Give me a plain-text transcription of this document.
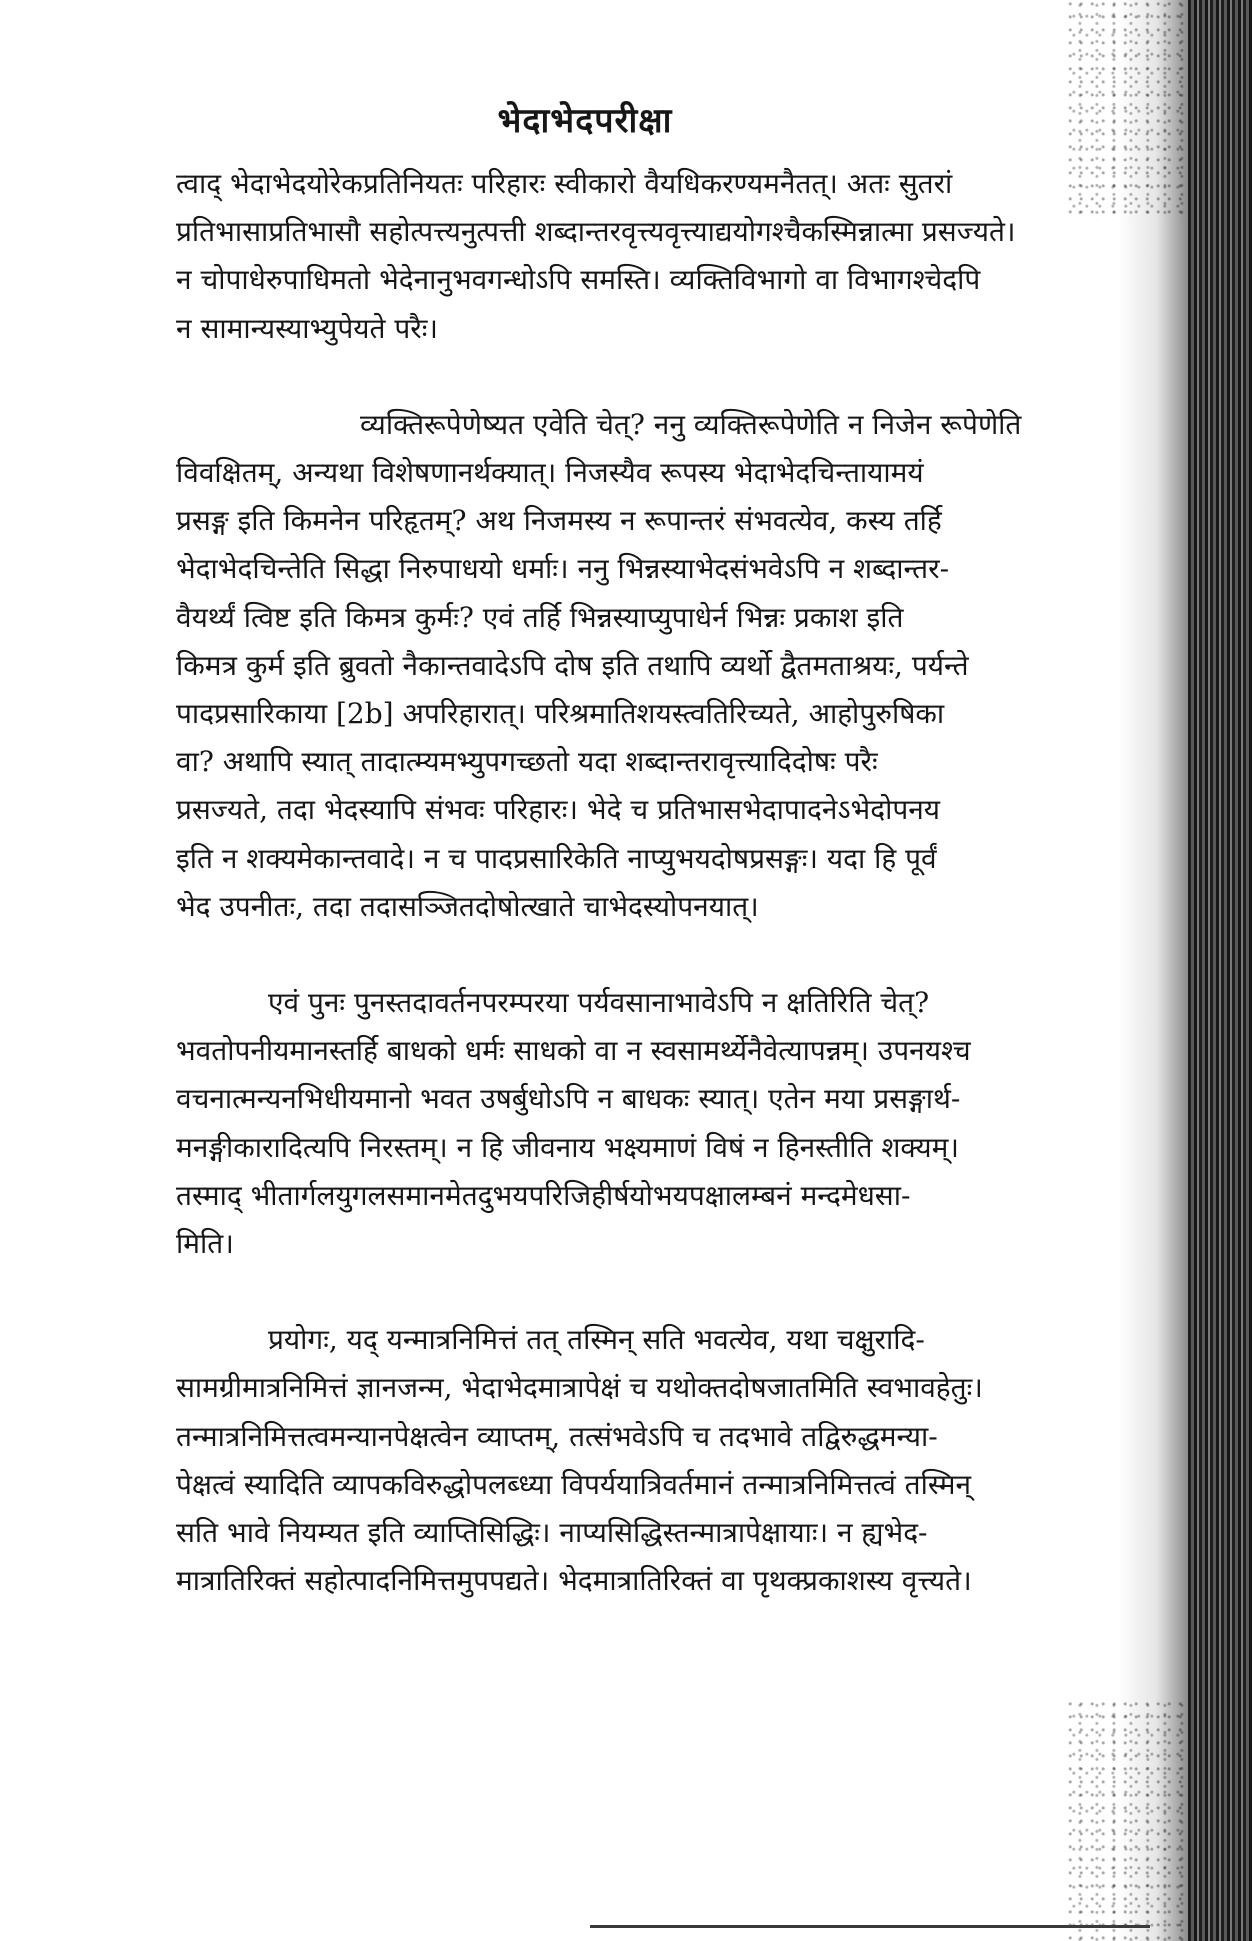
भेदाभेदपरीक्षा

त्वाद् भेदाभेदयोरेकप्रतिनियतः परिहारः स्वीकारो वैयधिकरण्यमनैतत्। अतः सुतरां
प्रतिभासाप्रतिभासौ सहोत्पत्त्यनुत्पत्ती शब्दान्तरवृत्त्यवृत्त्याद्ययोगश्चैकस्मिन्नात्मा प्रसज्यते।
न चोपाधेरुपाधिमतो भेदेनानुभवगन्धोऽपि समस्ति। व्यक्तिविभागो वा विभागश्चेदपि
न सामान्यस्याभ्युपेयते परैः।

व्यक्तिरूपेणेष्यत एवेति चेत्? ननु व्यक्तिरूपेणेति न निजेन रूपेणेति
विवक्षितम्, अन्यथा विशेषणानर्थक्यात्। निजस्यैव रूपस्य भेदाभेदचिन्तायामयं
प्रसङ्ग इति किमनेन परिहृतम्? अथ निजमस्य न रूपान्तरं संभवत्येव, कस्य तर्हि
भेदाभेदचिन्तेति सिद्धा निरुपाधयो धर्माः। ननु भिन्नस्याभेदसंभवेऽपि न शब्दान्तर-
वैयर्थ्यं त्विष्ट इति किमत्र कुर्मः? एवं तर्हि भिन्नस्याप्युपाधेर्न भिन्नः प्रकाश इति
किमत्र कुर्म इति ब्रुवतो नैकान्तवादेऽपि दोष इति तथापि व्यर्थो द्वैतमताश्रयः, पर्यन्ते
पादप्रसारिकाया [2b] अपरिहारात्। परिश्रमातिशयस्त्वतिरिच्यते, आहोपुरुषिका
वा? अथापि स्यात् तादात्म्यमभ्युपगच्छतो यदा शब्दान्तरावृत्त्यादिदोषः परैः
प्रसज्यते, तदा भेदस्यापि संभवः परिहारः। भेदे च प्रतिभासभेदापादनेऽभेदोपनय
इति न शक्यमेकान्तवादे। न च पादप्रसारिकेति नाप्युभयदोषप्रसङ्गः। यदा हि पूर्वं
भेद उपनीतः, तदा तदासञ्जितदोषोत्खाते चाभेदस्योपनयात्।

एवं पुनः पुनस्तदावर्तनपरम्परया पर्यवसानाभावेऽपि न क्षतिरिति चेत्?
भवतोपनीयमानस्तर्हि बाधको धर्मः साधको वा न स्वसामर्थ्येनैवेत्यापन्नम्। उपनयश्च
वचनात्मन्यनभिधीयमानो भवत उषर्बुधोऽपि न बाधकः स्यात्। एतेन मया प्रसङ्गार्थ-
मनङ्गीकारादित्यपि निरस्तम्। न हि जीवनाय भक्ष्यमाणं विषं न हिनस्तीति शक्यम्।
तस्माद् भीतार्गलयुगलसमानमेतदुभयपरिजिहीर्षयोभयपक्षालम्बनं मन्दमेधसा-
मिति।

प्रयोगः, यद् यन्मात्रनिमित्तं तत् तस्मिन् सति भवत्येव, यथा चक्षुरादि-
सामग्रीमात्रनिमित्तं ज्ञानजन्म, भेदाभेदमात्रापेक्षं च यथोक्तदोषजातमिति स्वभावहेतुः।
तन्मात्रनिमित्तत्वमन्यानपेक्षत्वेन व्याप्तम्, तत्संभवेऽपि च तदभावे तद्विरुद्धमन्या-
पेक्षत्वं स्यादिति व्यापकविरुद्धोपलब्ध्या विपर्ययात्रिवर्तमानं तन्मात्रनिमित्तत्वं तस्मिन्
सति भावे नियम्यत इति व्याप्तिसिद्धिः। नाप्यसिद्धिस्तन्मात्रापेक्षायाः। न ह्यभेद-
मात्रातिरिक्तं सहोत्पादनिमित्तमुपपद्यते। भेदमात्रातिरिक्तं वा पृथक्प्रकाशस्य वृत्त्यते।
